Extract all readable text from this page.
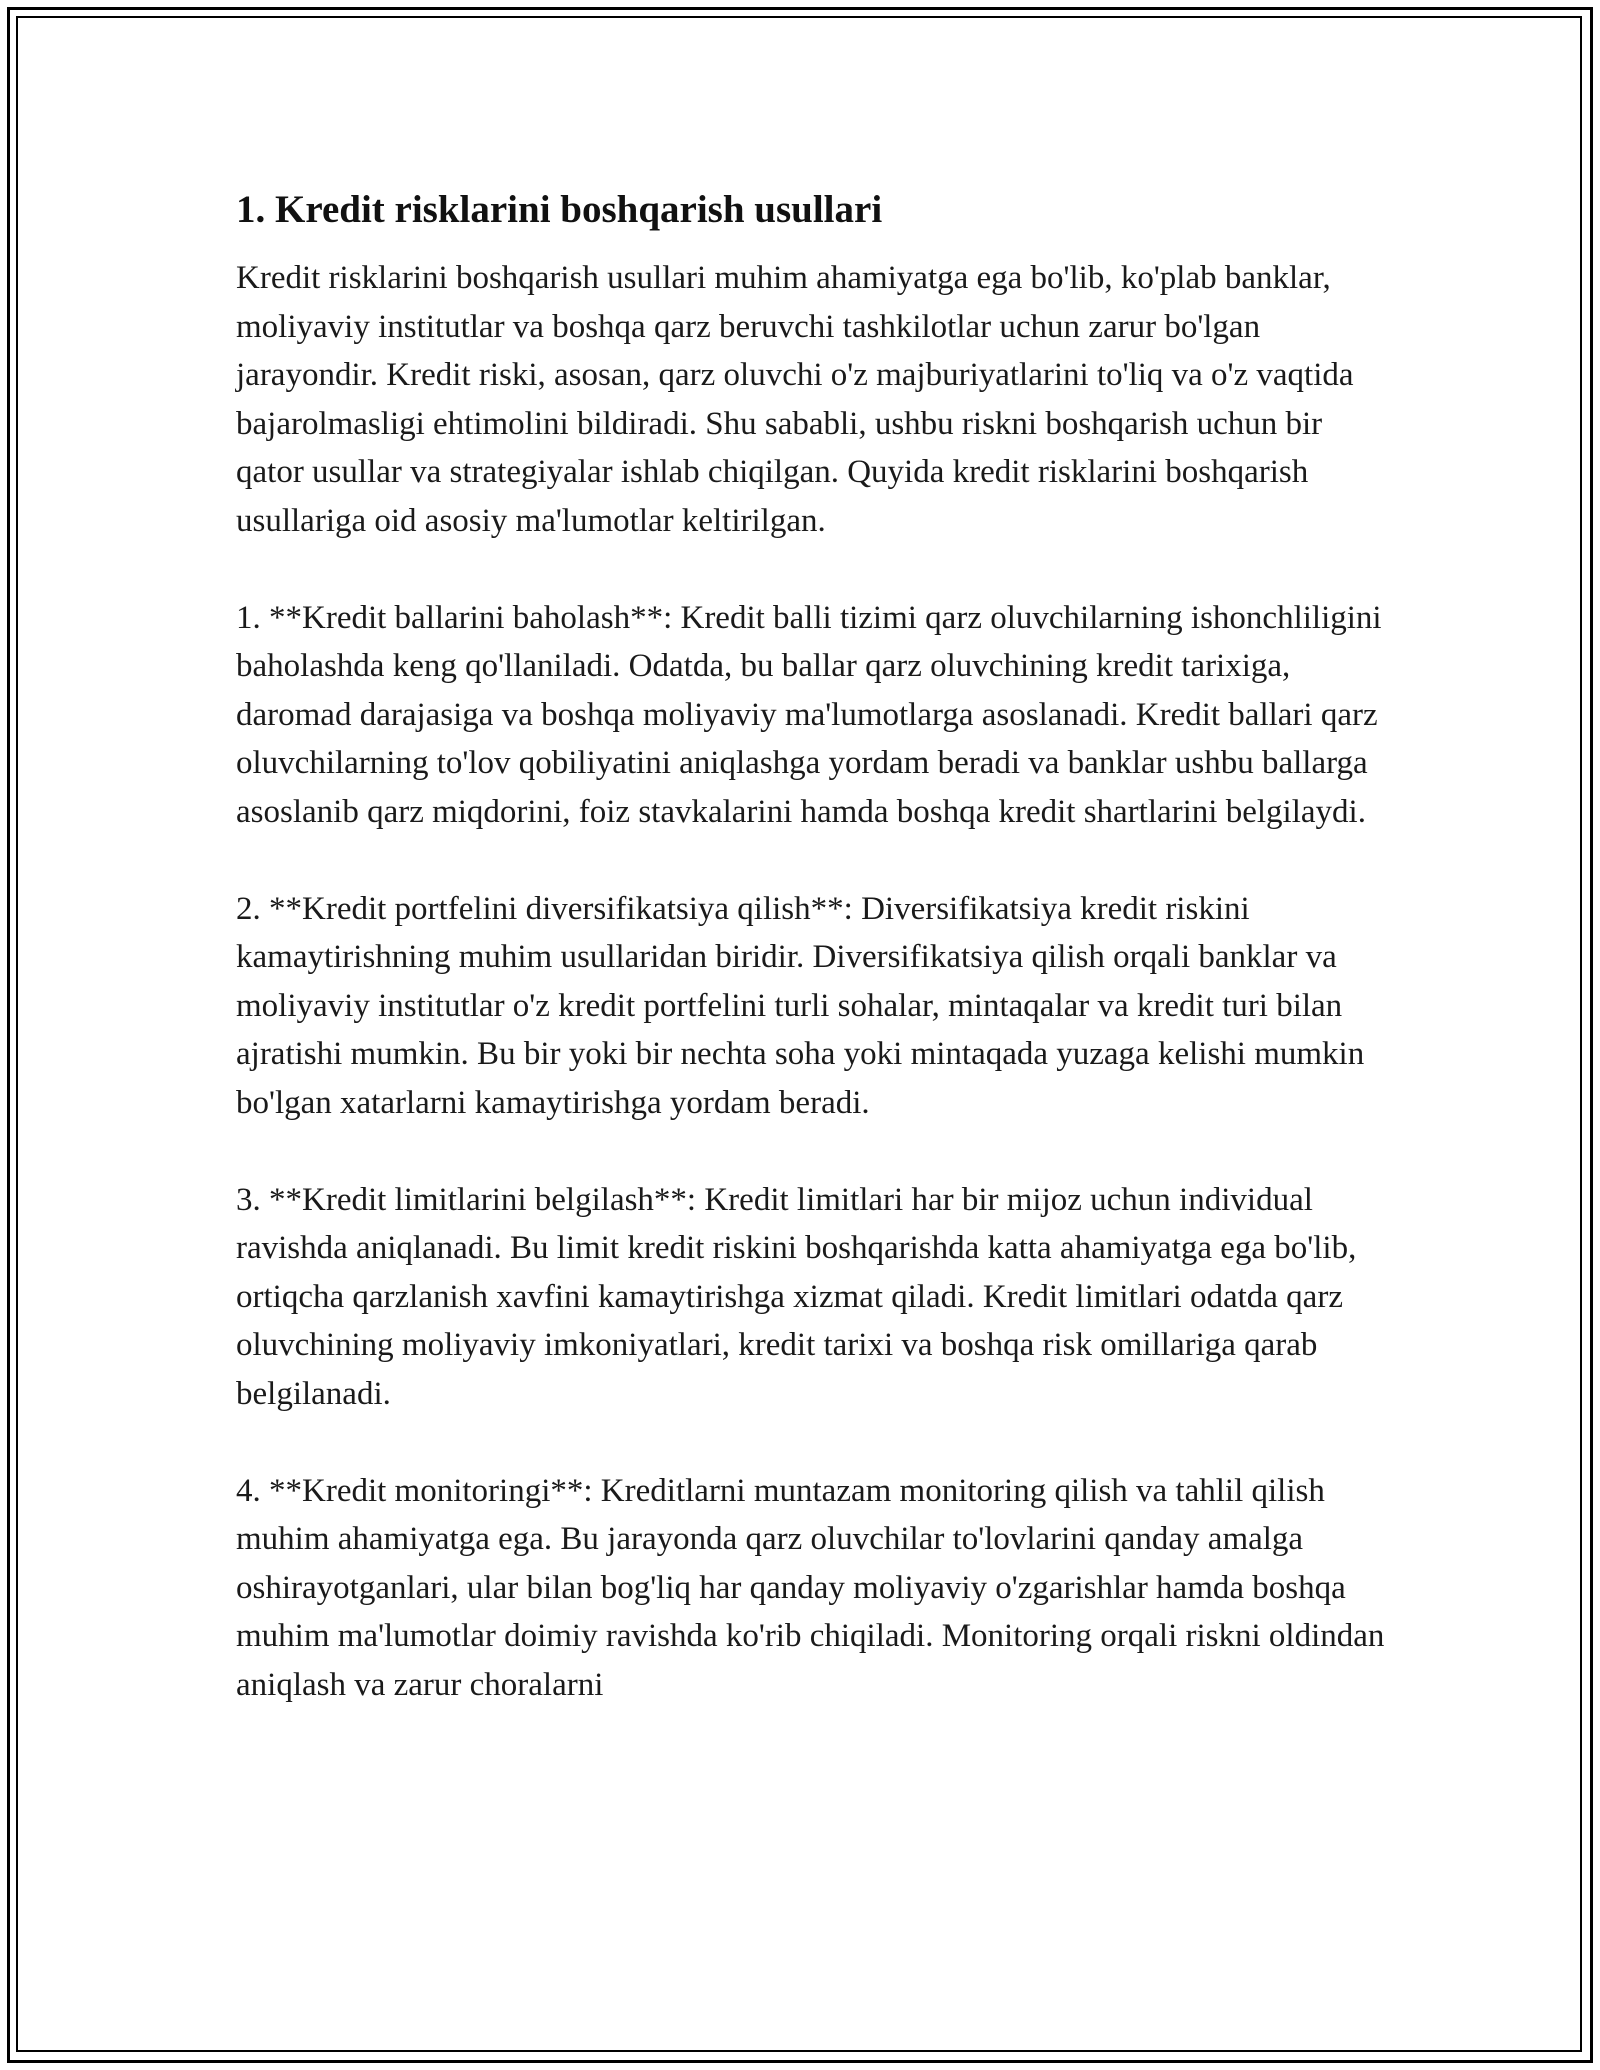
1. Kredit risklarini boshqarish usullari

Kredit risklarini boshqarish usullari muhim ahamiyatga ega bo'lib, ko'plab banklar, moliyaviy institutlar va boshqa qarz beruvchi tashkilotlar uchun zarur bo'lgan jarayondir. Kredit riski, asosan, qarz oluvchi o'z majburiyatlarini to'liq va o'z vaqtida bajarolmasligi ehtimolini bildiradi. Shu sababli, ushbu riskni boshqarish uchun bir qator usullar va strategiyalar ishlab chiqilgan. Quyida kredit risklarini boshqarish usullariga oid asosiy ma'lumotlar keltirilgan.

1. **Kredit ballarini baholash**: Kredit balli tizimi qarz oluvchilarning ishonchliligini baholashda keng qo'llaniladi. Odatda, bu ballar qarz oluvchining kredit tarixiga, daromad darajasiga va boshqa moliyaviy ma'lumotlarga asoslanadi. Kredit ballari qarz oluvchilarning to'lov qobiliyatini aniqlashga yordam beradi va banklar ushbu ballarga asoslanib qarz miqdorini, foiz stavkalarini hamda boshqa kredit shartlarini belgilaydi.

2. **Kredit portfelini diversifikatsiya qilish**: Diversifikatsiya kredit riskini kamaytirishning muhim usullaridan biridir. Diversifikatsiya qilish orqali banklar va moliyaviy institutlar o'z kredit portfelini turli sohalar, mintaqalar va kredit turi bilan ajratishi mumkin. Bu bir yoki bir nechta soha yoki mintaqada yuzaga kelishi mumkin bo'lgan xatarlarni kamaytirishga yordam beradi.

3. **Kredit limitlarini belgilash**: Kredit limitlari har bir mijoz uchun individual ravishda aniqlanadi. Bu limit kredit riskini boshqarishda katta ahamiyatga ega bo'lib, ortiqcha qarzlanish xavfini kamaytirishga xizmat qiladi. Kredit limitlari odatda qarz oluvchining moliyaviy imkoniyatlari, kredit tarixi va boshqa risk omillariga qarab belgilanadi.

4. **Kredit monitoringi**: Kreditlarni muntazam monitoring qilish va tahlil qilish muhim ahamiyatga ega. Bu jarayonda qarz oluvchilar to'lovlarini qanday amalga oshirayotganlari, ular bilan bog'liq har qanday moliyaviy o'zgarishlar hamda boshqa muhim ma'lumotlar doimiy ravishda ko'rib chiqiladi. Monitoring orqali riskni oldindan aniqlash va zarur choralarni
